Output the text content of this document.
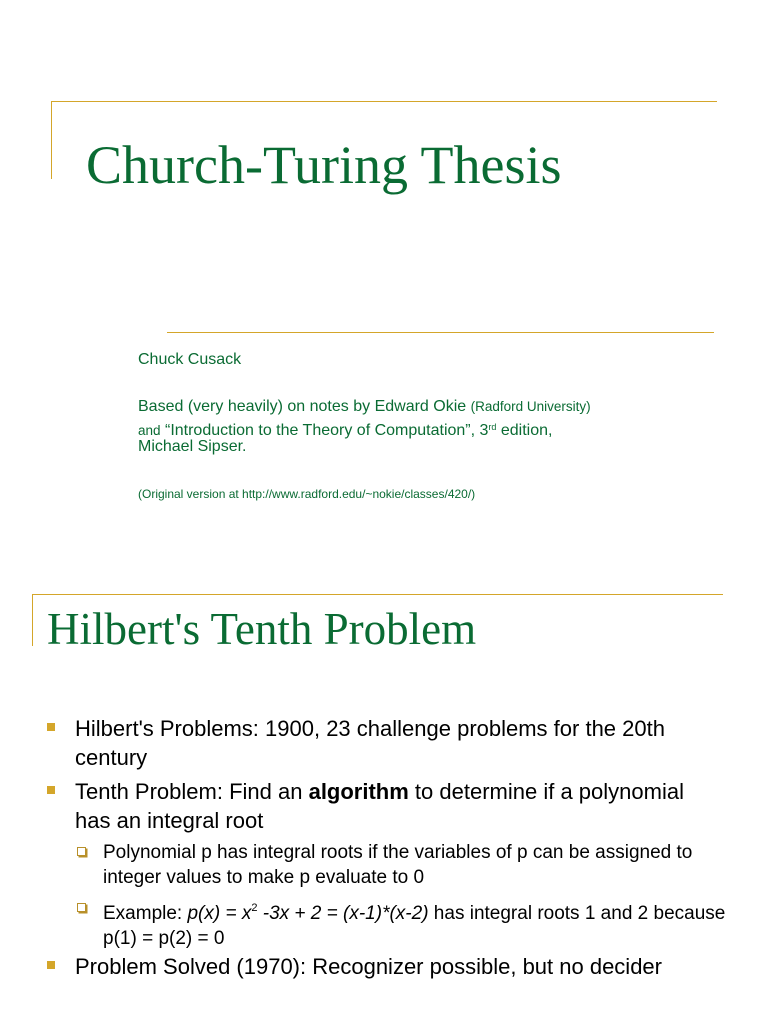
Church-Turing Thesis
Chuck Cusack
Based (very heavily) on notes by Edward Okie (Radford University)
and “Introduction to the Theory of Computation”, 3rd edition,
Michael Sipser.
(Original version at http://www.radford.edu/~nokie/classes/420/)
Hilbert's Tenth Problem
Hilbert's Problems: 1900, 23 challenge problems for the 20th century
Tenth Problem: Find an algorithm to determine if a polynomial has an integral root
Polynomial p has integral roots if the variables of p can be assigned to integer values to make p evaluate to 0
Example: $p(x) = x^2$ -3x + 2 = (x-1)*(x-2) has integral roots 1 and 2 because p(1) = p(2) = 0
Problem Solved (1970): Recognizer possible, but no decider
